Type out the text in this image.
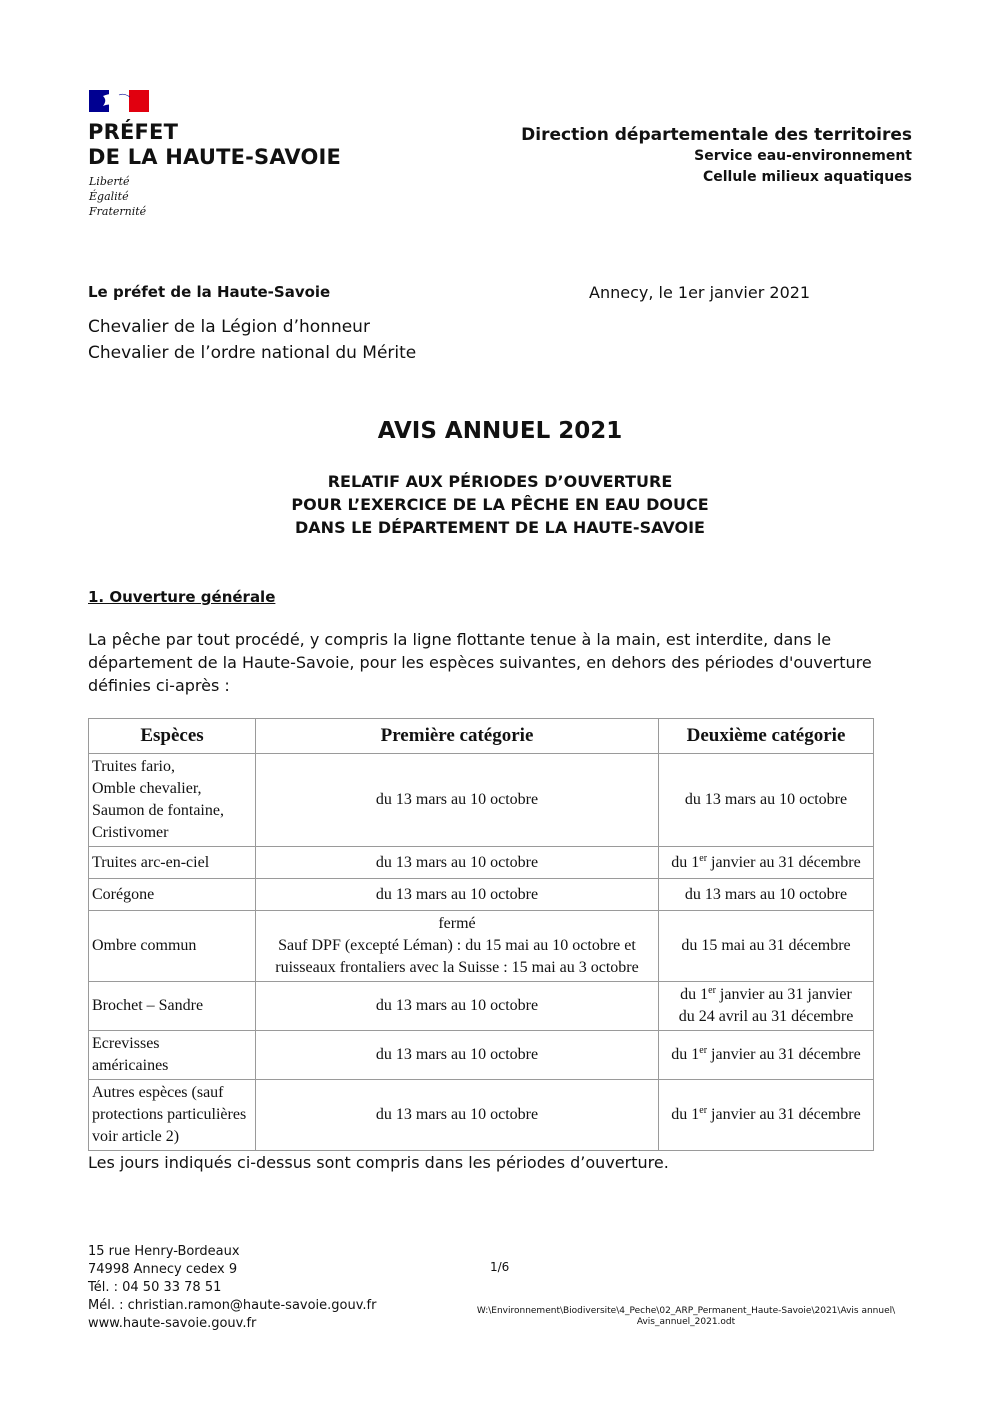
PRÉFET
DE LA HAUTE-SAVOIE
Liberté
Égalité
Fraternité
Direction départementale des territoires
Service eau-environnement
Cellule milieux aquatiques
Le préfet de la Haute-Savoie	Annecy, le 1er janvier 2021
Chevalier de la Légion d’honneur
Chevalier de l’ordre national du Mérite
AVIS ANNUEL 2021
RELATIF AUX PÉRIODES D’OUVERTURE
POUR L’EXERCICE DE LA PÊCHE EN EAU DOUCE
DANS LE DÉPARTEMENT DE LA HAUTE-SAVOIE
1. Ouverture générale
La pêche par tout procédé, y compris la ligne flottante tenue à la main, est interdite, dans le département de la Haute-Savoie, pour les espèces suivantes, en dehors des périodes d'ouverture définies ci-après :
Espèces	Première catégorie	Deuxième catégorie

Truites fario,
Omble chevalier,
Saumon de fontaine,
Cristivomer	du 13 mars au 10 octobre	du 13 mars au 10 octobre

Truites arc-en-ciel	du 13 mars au 10 octobre	du 1er janvier au 31 décembre

Corégone	du 13 mars au 10 octobre	du 13 mars au 10 octobre

Ombre commun	fermé
Sauf DPF (excepté Léman) : du 15 mai au 10 octobre et
ruisseaux frontaliers avec la Suisse : 15 mai au 3 octobre	du 15 mai au 31 décembre

Brochet – Sandre	du 13 mars au 10 octobre	du 1er janvier au 31 janvier
du 24 avril au 31 décembre

Ecrevisses
américaines	du 13 mars au 10 octobre	du 1er janvier au 31 décembre

Autres espèces (sauf
protections particulières
voir article 2)	du 13 mars au 10 octobre	du 1er janvier au 31 décembre
Les jours indiqués ci-dessus sont compris dans les périodes d’ouverture.
15 rue Henry-Bordeaux
74998 Annecy cedex 9
Tél. : 04 50 33 78 51
Mél. : christian.ramon@haute-savoie.gouv.fr
www.haute-savoie.gouv.fr
1/6
W:\Environnement\Biodiversite\4_Peche\02_ARP_Permanent_Haute-Savoie\2021\Avis annuel\
Avis_annuel_2021.odt
